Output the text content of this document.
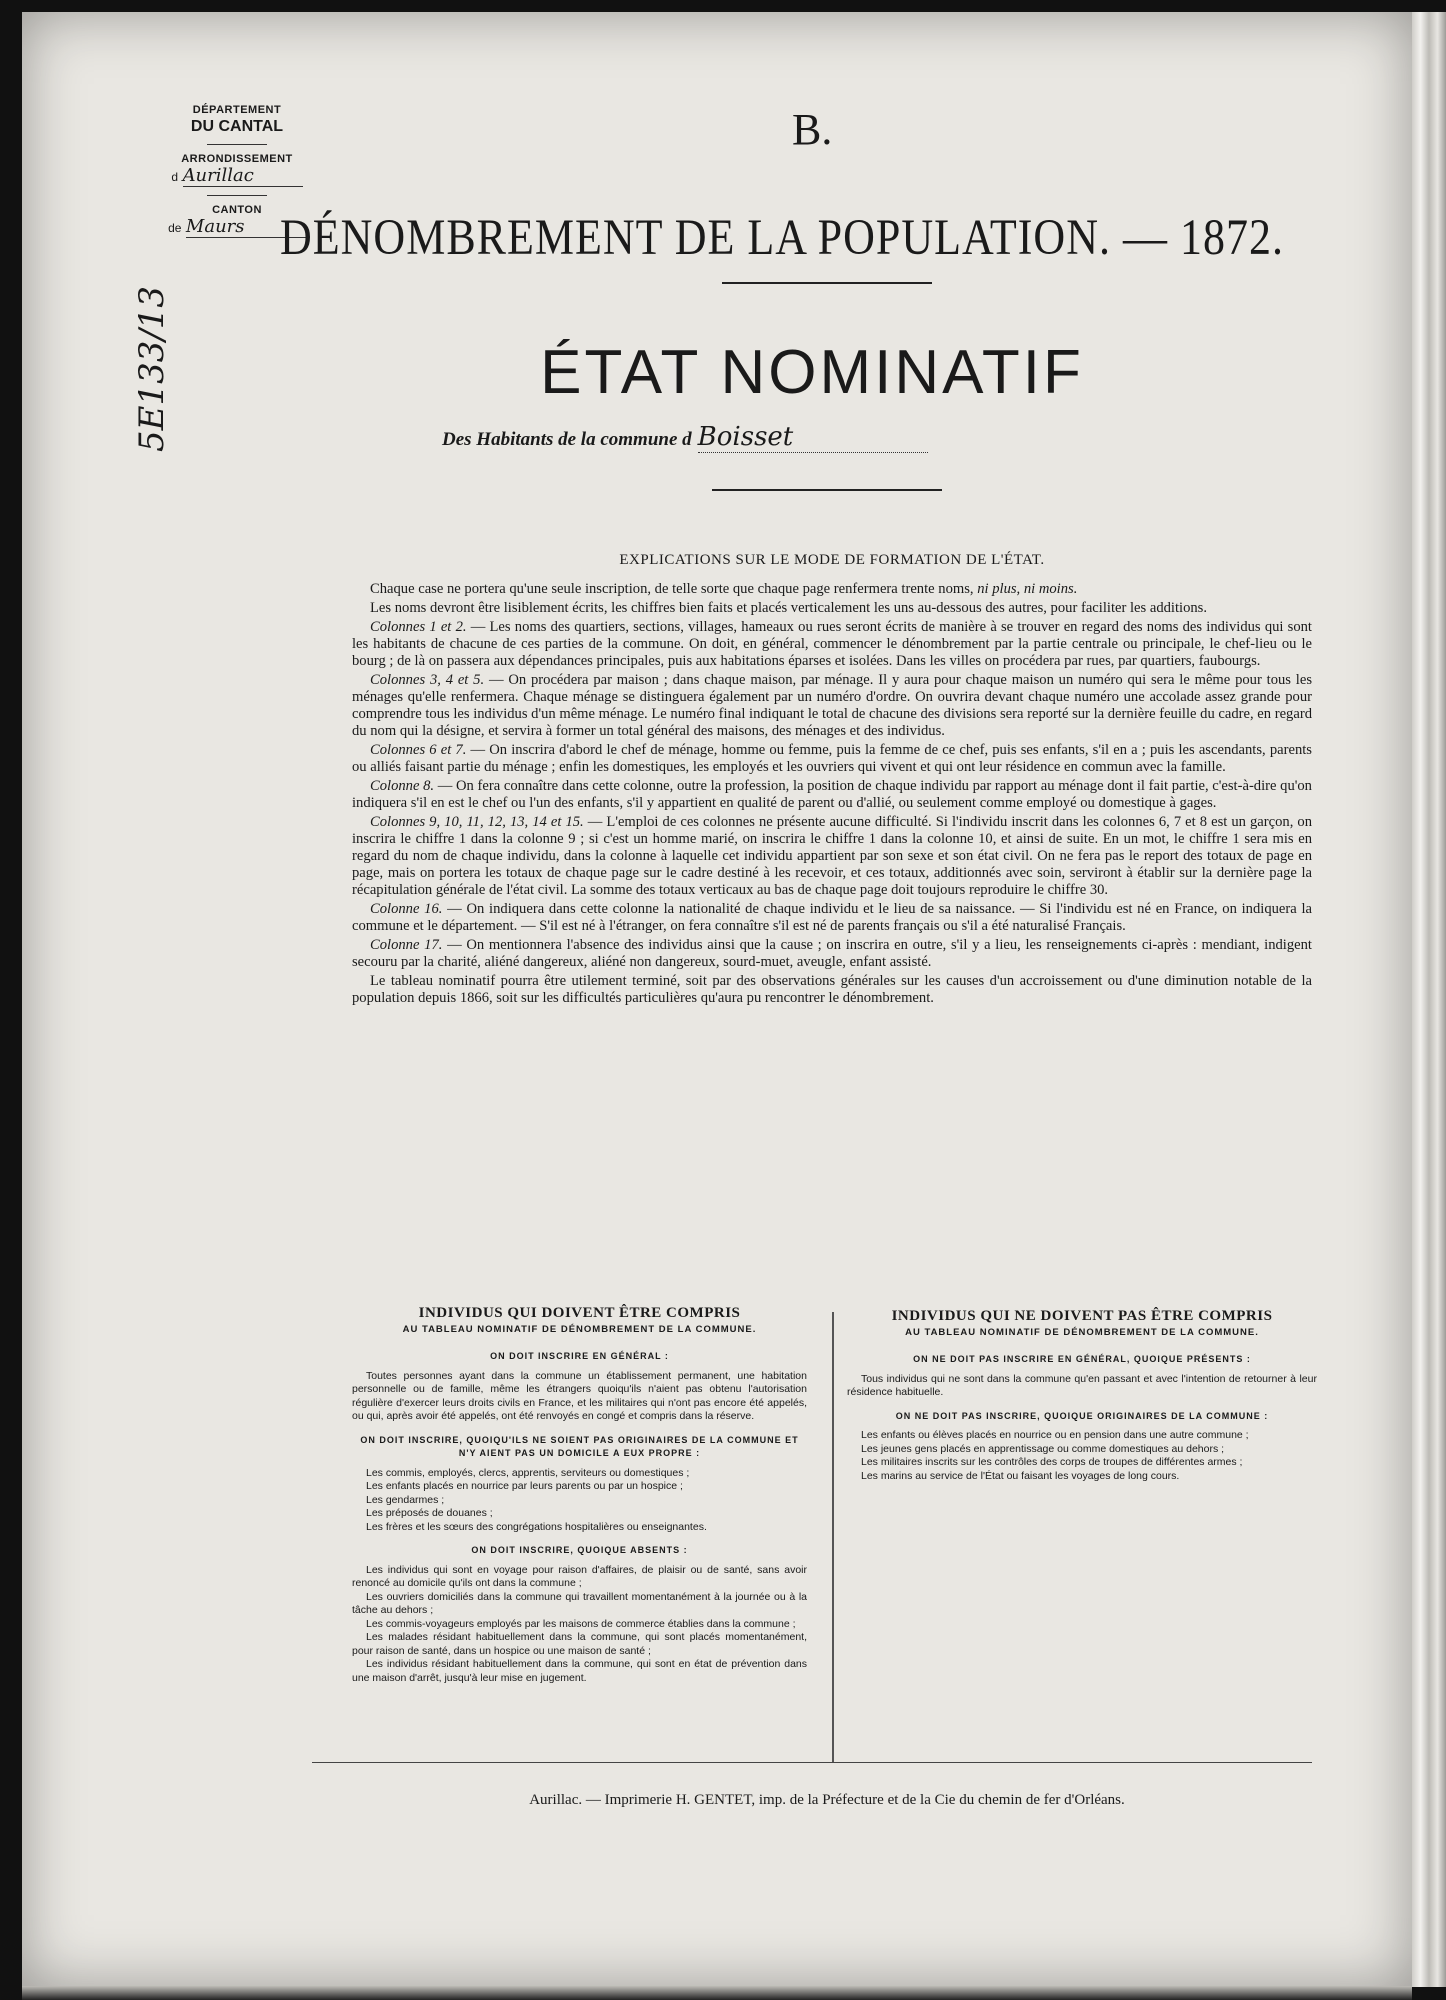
DÉPARTEMENT
DU CANTAL
ARRONDISSEMENT
d Aurillac
CANTON
de Maurs
5E133/13
B.
DÉNOMBREMENT DE LA POPULATION. — 1872.
ÉTAT NOMINATIF
Des Habitants de la commune d Boisset
EXPLICATIONS SUR LE MODE DE FORMATION DE L'ÉTAT.

Chaque case ne portera qu'une seule inscription, de telle sorte que chaque page renfermera trente noms, ni plus, ni moins.

Les noms devront être lisiblement écrits, les chiffres bien faits et placés verticalement les uns au-dessous des autres, pour faciliter les additions.

Colonnes 1 et 2. — Les noms des quartiers, sections, villages, hameaux ou rues seront écrits de manière à se trouver en regard des noms des individus qui sont les habitants de chacune de ces parties de la commune. On doit, en général, commencer le dénombrement par la partie centrale ou principale, le chef-lieu ou le bourg ; de là on passera aux dépendances principales, puis aux habitations éparses et isolées. Dans les villes on procédera par rues, par quartiers, faubourgs.

Colonnes 3, 4 et 5. — On procédera par maison ; dans chaque maison, par ménage. Il y aura pour chaque maison un numéro qui sera le même pour tous les ménages qu'elle renfermera. Chaque ménage se distinguera également par un numéro d'ordre. On ouvrira devant chaque numéro une accolade assez grande pour comprendre tous les individus d'un même ménage. Le numéro final indiquant le total de chacune des divisions sera reporté sur la dernière feuille du cadre, en regard du nom qui la désigne, et servira à former un total général des maisons, des ménages et des individus.

Colonnes 6 et 7. — On inscrira d'abord le chef de ménage, homme ou femme, puis la femme de ce chef, puis ses enfants, s'il en a ; puis les ascendants, parents ou alliés faisant partie du ménage ; enfin les domestiques, les employés et les ouvriers qui vivent et qui ont leur résidence en commun avec la famille.

Colonne 8. — On fera connaître dans cette colonne, outre la profession, la position de chaque individu par rapport au ménage dont il fait partie, c'est-à-dire qu'on indiquera s'il en est le chef ou l'un des enfants, s'il y appartient en qualité de parent ou d'allié, ou seulement comme employé ou domestique à gages.

Colonnes 9, 10, 11, 12, 13, 14 et 15. — L'emploi de ces colonnes ne présente aucune difficulté. Si l'individu inscrit dans les colonnes 6, 7 et 8 est un garçon, on inscrira le chiffre 1 dans la colonne 9 ; si c'est un homme marié, on inscrira le chiffre 1 dans la colonne 10, et ainsi de suite. En un mot, le chiffre 1 sera mis en regard du nom de chaque individu, dans la colonne à laquelle cet individu appartient par son sexe et son état civil. On ne fera pas le report des totaux de page en page, mais on portera les totaux de chaque page sur le cadre destiné à les recevoir, et ces totaux, additionnés avec soin, serviront à établir sur la dernière page la récapitulation générale de l'état civil. La somme des totaux verticaux au bas de chaque page doit toujours reproduire le chiffre 30.

Colonne 16. — On indiquera dans cette colonne la nationalité de chaque individu et le lieu de sa naissance. — Si l'individu est né en France, on indiquera la commune et le département. — S'il est né à l'étranger, on fera connaître s'il est né de parents français ou s'il a été naturalisé Français.

Colonne 17. — On mentionnera l'absence des individus ainsi que la cause ; on inscrira en outre, s'il y a lieu, les renseignements ci-après : mendiant, indigent secouru par la charité, aliéné dangereux, aliéné non dangereux, sourd-muet, aveugle, enfant assisté.

Le tableau nominatif pourra être utilement terminé, soit par des observations générales sur les causes d'un accroissement ou d'une diminution notable de la population depuis 1866, soit sur les difficultés particulières qu'aura pu rencontrer le dénombrement.

INDIVIDUS QUI DOIVENT ÊTRE COMPRIS
AU TABLEAU NOMINATIF DE DÉNOMBREMENT DE LA COMMUNE.
ON DOIT INSCRIRE EN GÉNÉRAL :

Toutes personnes ayant dans la commune un établissement permanent, une habitation personnelle ou de famille, même les étrangers quoiqu'ils n'aient pas obtenu l'autorisation régulière d'exercer leurs droits civils en France, et les militaires qui n'ont pas encore été appelés, ou qui, après avoir été appelés, ont été renvoyés en congé et compris dans la réserve.

ON DOIT INSCRIRE, QUOIQU'ILS NE SOIENT PAS ORIGINAIRES DE LA COMMUNE ET N'Y AIENT PAS UN DOMICILE A EUX PROPRE :

Les commis, employés, clercs, apprentis, serviteurs ou domestiques ;

Les enfants placés en nourrice par leurs parents ou par un hospice ;

Les gendarmes ;

Les préposés de douanes ;

Les frères et les sœurs des congrégations hospitalières ou enseignantes.

ON DOIT INSCRIRE, QUOIQUE ABSENTS :

Les individus qui sont en voyage pour raison d'affaires, de plaisir ou de santé, sans avoir renoncé au domicile qu'ils ont dans la commune ;

Les ouvriers domiciliés dans la commune qui travaillent momentanément à la journée ou à la tâche au dehors ;

Les commis-voyageurs employés par les maisons de commerce établies dans la commune ;

Les malades résidant habituellement dans la commune, qui sont placés momentanément, pour raison de santé, dans un hospice ou une maison de santé ;

Les individus résidant habituellement dans la commune, qui sont en état de prévention dans une maison d'arrêt, jusqu'à leur mise en jugement.

INDIVIDUS QUI NE DOIVENT PAS ÊTRE COMPRIS
AU TABLEAU NOMINATIF DE DÉNOMBREMENT DE LA COMMUNE.
ON NE DOIT PAS INSCRIRE EN GÉNÉRAL, QUOIQUE PRÉSENTS :

Tous individus qui ne sont dans la commune qu'en passant et avec l'intention de retourner à leur résidence habituelle.

ON NE DOIT PAS INSCRIRE, QUOIQUE ORIGINAIRES DE LA COMMUNE :

Les enfants ou élèves placés en nourrice ou en pension dans une autre commune ;

Les jeunes gens placés en apprentissage ou comme domestiques au dehors ;

Les militaires inscrits sur les contrôles des corps de troupes de différentes armes ;

Les marins au service de l'État ou faisant les voyages de long cours.

Aurillac. — Imprimerie H. GENTET, imp. de la Préfecture et de la Cie du chemin de fer d'Orléans.
